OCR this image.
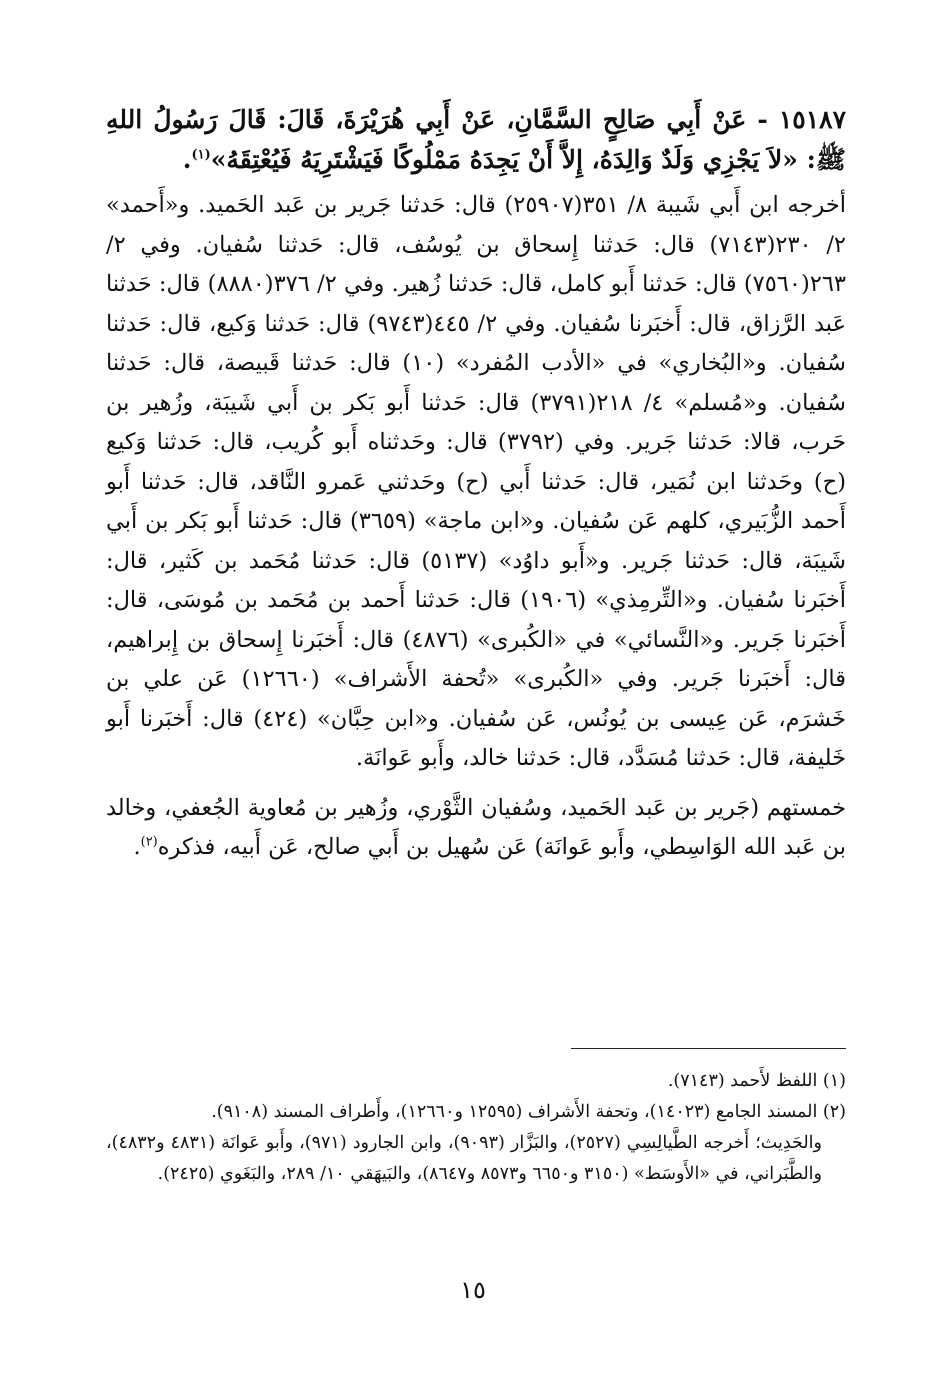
١٥١٨٧ - عَنْ أَبِي صَالِحٍ السَّمَّانِ، عَنْ أَبِي هُرَيْرَةَ، قَالَ: قَالَ رَسُولُ اللهِ ﷺ: «لاَ يَجْزِي وَلَدٌ وَالِدَهُ، إِلاَّ أَنْ يَجِدَهُ مَمْلُوكًا فَيَشْتَرِيَهُ فَيُعْتِقَهُ»$^{(١)}$.

أخرجه ابن أَبي شَيبة ٨/ ٣٥١(٢٥٩٠٧) قال: حَدثنا جَرير بن عَبد الحَميد. و«أَحمد» ٢/ ٢٣٠(٧١٤٣) قال: حَدثنا إِسحاق بن يُوسُف، قال: حَدثنا سُفيان. وفي ٢/ ٢٦٣(٧٥٦٠) قال: حَدثنا أَبو كامل، قال: حَدثنا زُهير. وفي ٢/ ٣٧٦(٨٨٨٠) قال: حَدثنا عَبد الرَّزاق، قال: أَخبَرنا سُفيان. وفي ٢/ ٤٤٥(٩٧٤٣) قال: حَدثنا وَكيع، قال: حَدثنا سُفيان. و«البُخاري» في «الأدب المُفرد» (١٠) قال: حَدثنا قَبيصة، قال: حَدثنا سُفيان. و«مُسلم» ٤/ ٢١٨(٣٧٩١) قال: حَدثنا أَبو بَكر بن أَبي شَيبَة، وزُهير بن حَرب، قالا: حَدثنا جَرير. وفي (٣٧٩٢) قال: وحَدثناه أَبو كُريب، قال: حَدثنا وَكيع (ح) وحَدثنا ابن نُمَير، قال: حَدثنا أَبي (ح) وحَدثني عَمرو النَّاقد، قال: حَدثنا أَبو أَحمد الزُّبَيري، كلهم عَن سُفيان. و«ابن ماجة» (٣٦٥٩) قال: حَدثنا أَبو بَكر بن أَبي شَيبَة، قال: حَدثنا جَرير. و«أَبو داوُد» (٥١٣٧) قال: حَدثنا مُحَمد بن كَثير، قال: أَخبَرنا سُفيان. و«التِّرمِذي» (١٩٠٦) قال: حَدثنا أَحمد بن مُحَمد بن مُوسَى، قال: أَخبَرنا جَرير. و«النَّسائي» في «الكُبرى» (٤٨٧٦) قال: أَخبَرنا إِسحاق بن إِبراهيم، قال: أَخبَرنا جَرير. وفي «الكُبرى» «تُحفة الأَشراف» (١٢٦٦٠) عَن علي بن خَشرَم، عَن عِيسى بن يُونُس، عَن سُفيان. و«ابن حِبَّان» (٤٢٤) قال: أَخبَرنا أَبو خَليفة، قال: حَدثنا مُسَدَّد، قال: حَدثنا خالد، وأَبو عَوانَة.

خمستهم (جَرير بن عَبد الحَميد، وسُفيان الثَّوْري، وزُهير بن مُعاوية الجُعفي، وخالد بن عَبد الله الوَاسِطي، وأَبو عَوانَة) عَن سُهيل بن أَبي صالح، عَن أَبيه، فذكره$^{(٢)}$.

(١) اللفظ لأَحمد (٧١٤٣).

(٢) المسند الجامع (١٤٠٢٣)، وتحفة الأَشراف (١٢٥٩٥ و١٢٦٦٠)، وأَطراف المسند (٩١٠٨).

والحَدِيث؛ أَخرجه الطَّيالِسِي (٢٥٢٧)، والبَزَّار (٩٠٩٣)، وابن الجارود (٩٧١)، وأَبو عَوانَة (٤٨٣١ و٤٨٣٢)، والطَّبَراني، في «الأَوسَط» (٣١٥٠ و٦٦٥٠ و٨٥٧٣ و٨٦٤٧)، والبَيهَقي ١٠/ ٢٨٩، والبَغَوي (٢٤٢٥).

١٥
